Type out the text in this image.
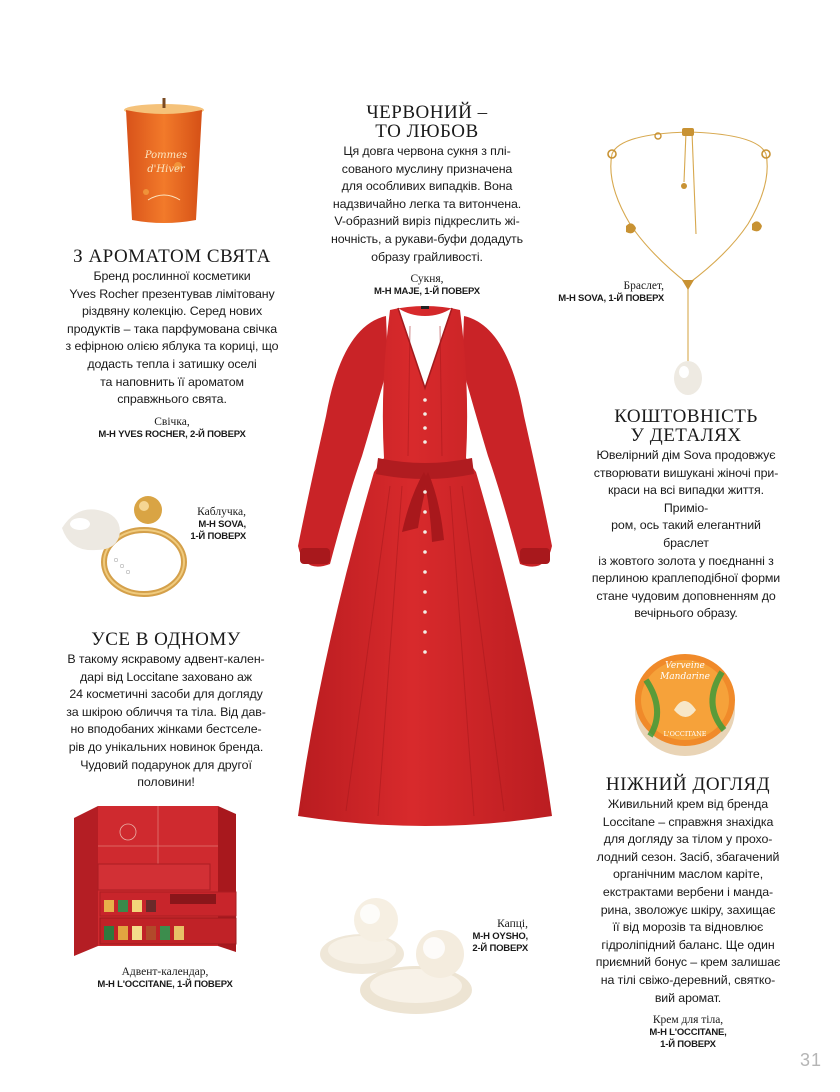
Pommes
d'Hiver
З АРОМАТОМ СВЯТА

Бренд рослинної косметики
Yves Rocher презентував лімітовану
різдвяну колекцію. Серед нових
продуктів – така парфумована свічка
з ефірною олією яблука та кориці, що
додасть тепла і затишку оселі
та наповнить її ароматом
справжнього свята.

Свічка,
М-Н YVES ROCHER, 2-Й ПОВЕРХ
ЧЕРВОНИЙ –
ТО ЛЮБОВ

Ця довга червона сукня з плі-
сованого муслину призначена
для особливих випадків. Вона
надзвичайно легка та витончена.
V-образний виріз підкреслить жі-
ночність, а рукави-буфи додадуть
образу грайливості.

Сукня,
М-Н MAJE, 1-Й ПОВЕРХ	Браслет,
М-Н SOVA, 1-Й ПОВЕРХ
КОШТОВНІСТЬ
У ДЕТАЛЯХ

Ювелірний дім Sova продовжує
створювати вишукані жіночі при-
краси на всі випадки життя. Приміо-
ром, ось такий елегантний браслет
із жовтого золота у поєднанні з
перлиною краплеподібної форми
стане чудовим доповненням до
вечірнього образу.

Каблучка,
М-Н SOVA,
1-Й ПОВЕРХ
УСЕ В ОДНОМУ

В такому яскравому адвент-кален-
дарі від Loccitane заховано аж
24 косметичні засоби для догляду
за шкірою обличчя та тіла. Від дав-
но вподобаних жінками бестселе-
рів до унікальних новинок бренда.
Чудовий подарунок для другої
половини!

Адвент-календар,
М-Н L'OCCITANE, 1-Й ПОВЕРХ
Капці,
М-Н OYSHO,
2-Й ПОВЕРХ
Verveine
Mandarine
L'OCCITANE
НІЖНИЙ ДОГЛЯД

Живильний крем від бренда
Loccitane – справжня знахідка
для догляду за тілом у прохо-
лодний сезон. Засіб, збагачений
органічним маслом каріте,
екстрактами вербени і манда-
рина, зволожує шкіру, захищає
її від морозів та відновлює
гідроліпідний баланс. Ще один
приємний бонус – крем залишає
на тілі свіжо-деревний, святко-
вий аромат.

Крем для тіла,
М-Н L'OCCITANE,
1-Й ПОВЕРХ
31
